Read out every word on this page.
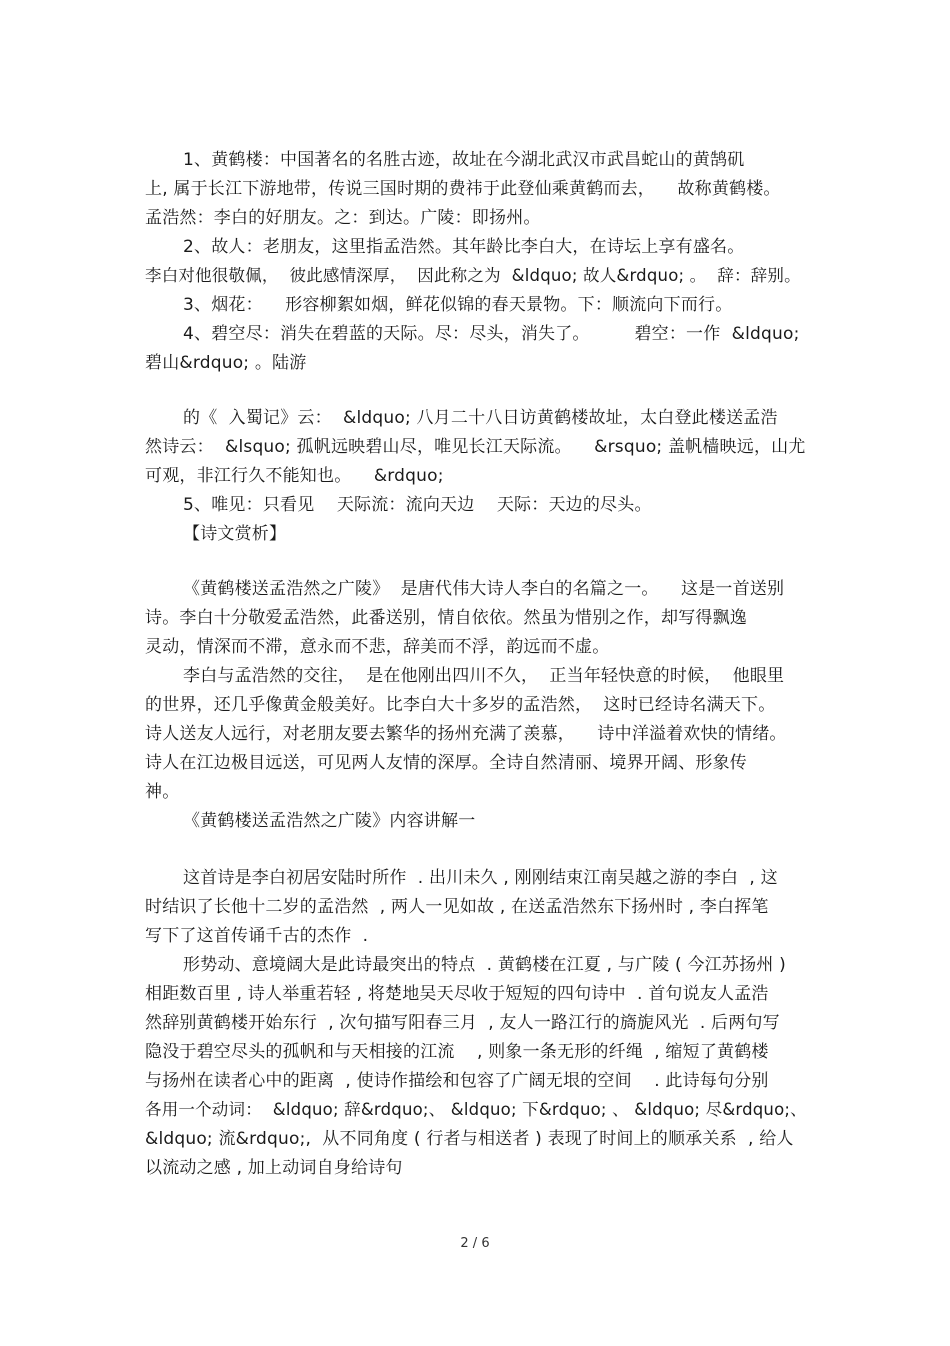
1、黄鹤楼：中国著名的名胜古迹，故址在今湖北武汉市武昌蛇山的黄鹄矶
上, 属于长江下游地带，传说三国时期的费祎于此登仙乘黄鹤而去，    故称黄鹤楼。
孟浩然：李白的好朋友。之：到达。广陵：即扬州。
2、故人：老朋友，这里指孟浩然。其年龄比李白大，在诗坛上享有盛名。
李白对他很敬佩，  彼此感情深厚，  因此称之为  &ldquo; 故人&rdquo; 。  辞：辞别。
3、烟花：    形容柳絮如烟，鲜花似锦的春天景物。下：顺流向下而行。
4、碧空尽：消失在碧蓝的天际。尽：尽头，消失了。        碧空：一作  &ldquo;
碧山&rdquo; 。陆游
的《  入蜀记》云：  &ldquo; 八月二十八日访黄鹤楼故址，太白登此楼送孟浩
然诗云：  &lsquo; 孤帆远映碧山尽，唯见长江天际流。    &rsquo; 盖帆樯映远，山尤
可观，非江行久不能知也。    &rdquo;
5、唯见：只看见    天际流：流向天边    天际：天边的尽头。
【诗文赏析】
《黄鹤楼送孟浩然之广陵》  是唐代伟大诗人李白的名篇之一。    这是一首送别
诗。李白十分敬爱孟浩然，此番送别，情自依依。然虽为惜别之作，却写得飘逸
灵动，情深而不滞，意永而不悲，辞美而不浮，韵远而不虚。
李白与孟浩然的交往，  是在他刚出四川不久，  正当年轻快意的时候，  他眼里
的世界，还几乎像黄金般美好。比李白大十多岁的孟浩然，  这时已经诗名满天下。
诗人送友人远行，对老朋友要去繁华的扬州充满了羡慕，    诗中洋溢着欢快的情绪。
诗人在江边极目远送，可见两人友情的深厚。全诗自然清丽、境界开阔、形象传
神。
《黄鹤楼送孟浩然之广陵》内容讲解一
这首诗是李白初居安陆时所作  . 出川未久 , 刚刚结束江南吴越之游的李白  , 这
时结识了长他十二岁的孟浩然  , 两人一见如故 , 在送孟浩然东下扬州时 , 李白挥笔
写下了这首传诵千古的杰作  .
形势动、意境阔大是此诗最突出的特点  . 黄鹤楼在江夏 , 与广陵 ( 今江苏扬州 )
相距数百里 , 诗人举重若轻 , 将楚地吴天尽收于短短的四句诗中  . 首句说友人孟浩
然辞别黄鹤楼开始东行  , 次句描写阳春三月  , 友人一路江行的旖旎风光  . 后两句写
隐没于碧空尽头的孤帆和与天相接的江流    , 则象一条无形的纤绳  , 缩短了黄鹤楼
与扬州在读者心中的距离  , 使诗作描绘和包容了广阔无垠的空间    . 此诗每句分别
各用一个动词：  &ldquo; 辞&rdquo;、 &ldquo; 下&rdquo; 、 &ldquo; 尽&rdquo;、
&ldquo; 流&rdquo;,  从不同角度 ( 行者与相送者 ) 表现了时间上的顺承关系  , 给人
以流动之感 , 加上动词自身给诗句
2 / 6
